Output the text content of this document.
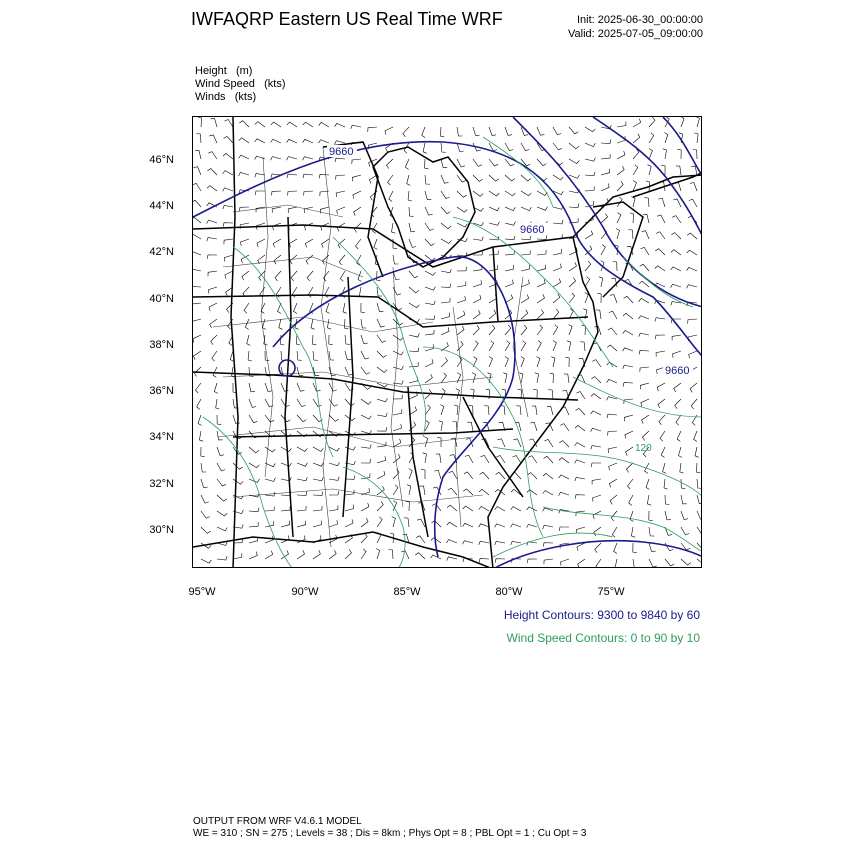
IWFAQRP Eastern US Real Time WRF	Init: 2025-06-30_00:00:00
Valid: 2025-07-05_09:00:00
Height   (m)
Wind Speed   (kts)
Winds   (kts)
9660
9660
9660
120
46°N
44°N
42°N
40°N
38°N
36°N
34°N
32°N
30°N
95°W	90°W	85°W	80°W	75°W
Height Contours: 9300 to 9840 by 60
Wind Speed Contours: 0 to 90 by 10
OUTPUT FROM WRF V4.6.1 MODEL
WE = 310 ; SN = 275 ; Levels = 38 ; Dis = 8km ; Phys Opt = 8 ; PBL Opt = 1 ; Cu Opt = 3
